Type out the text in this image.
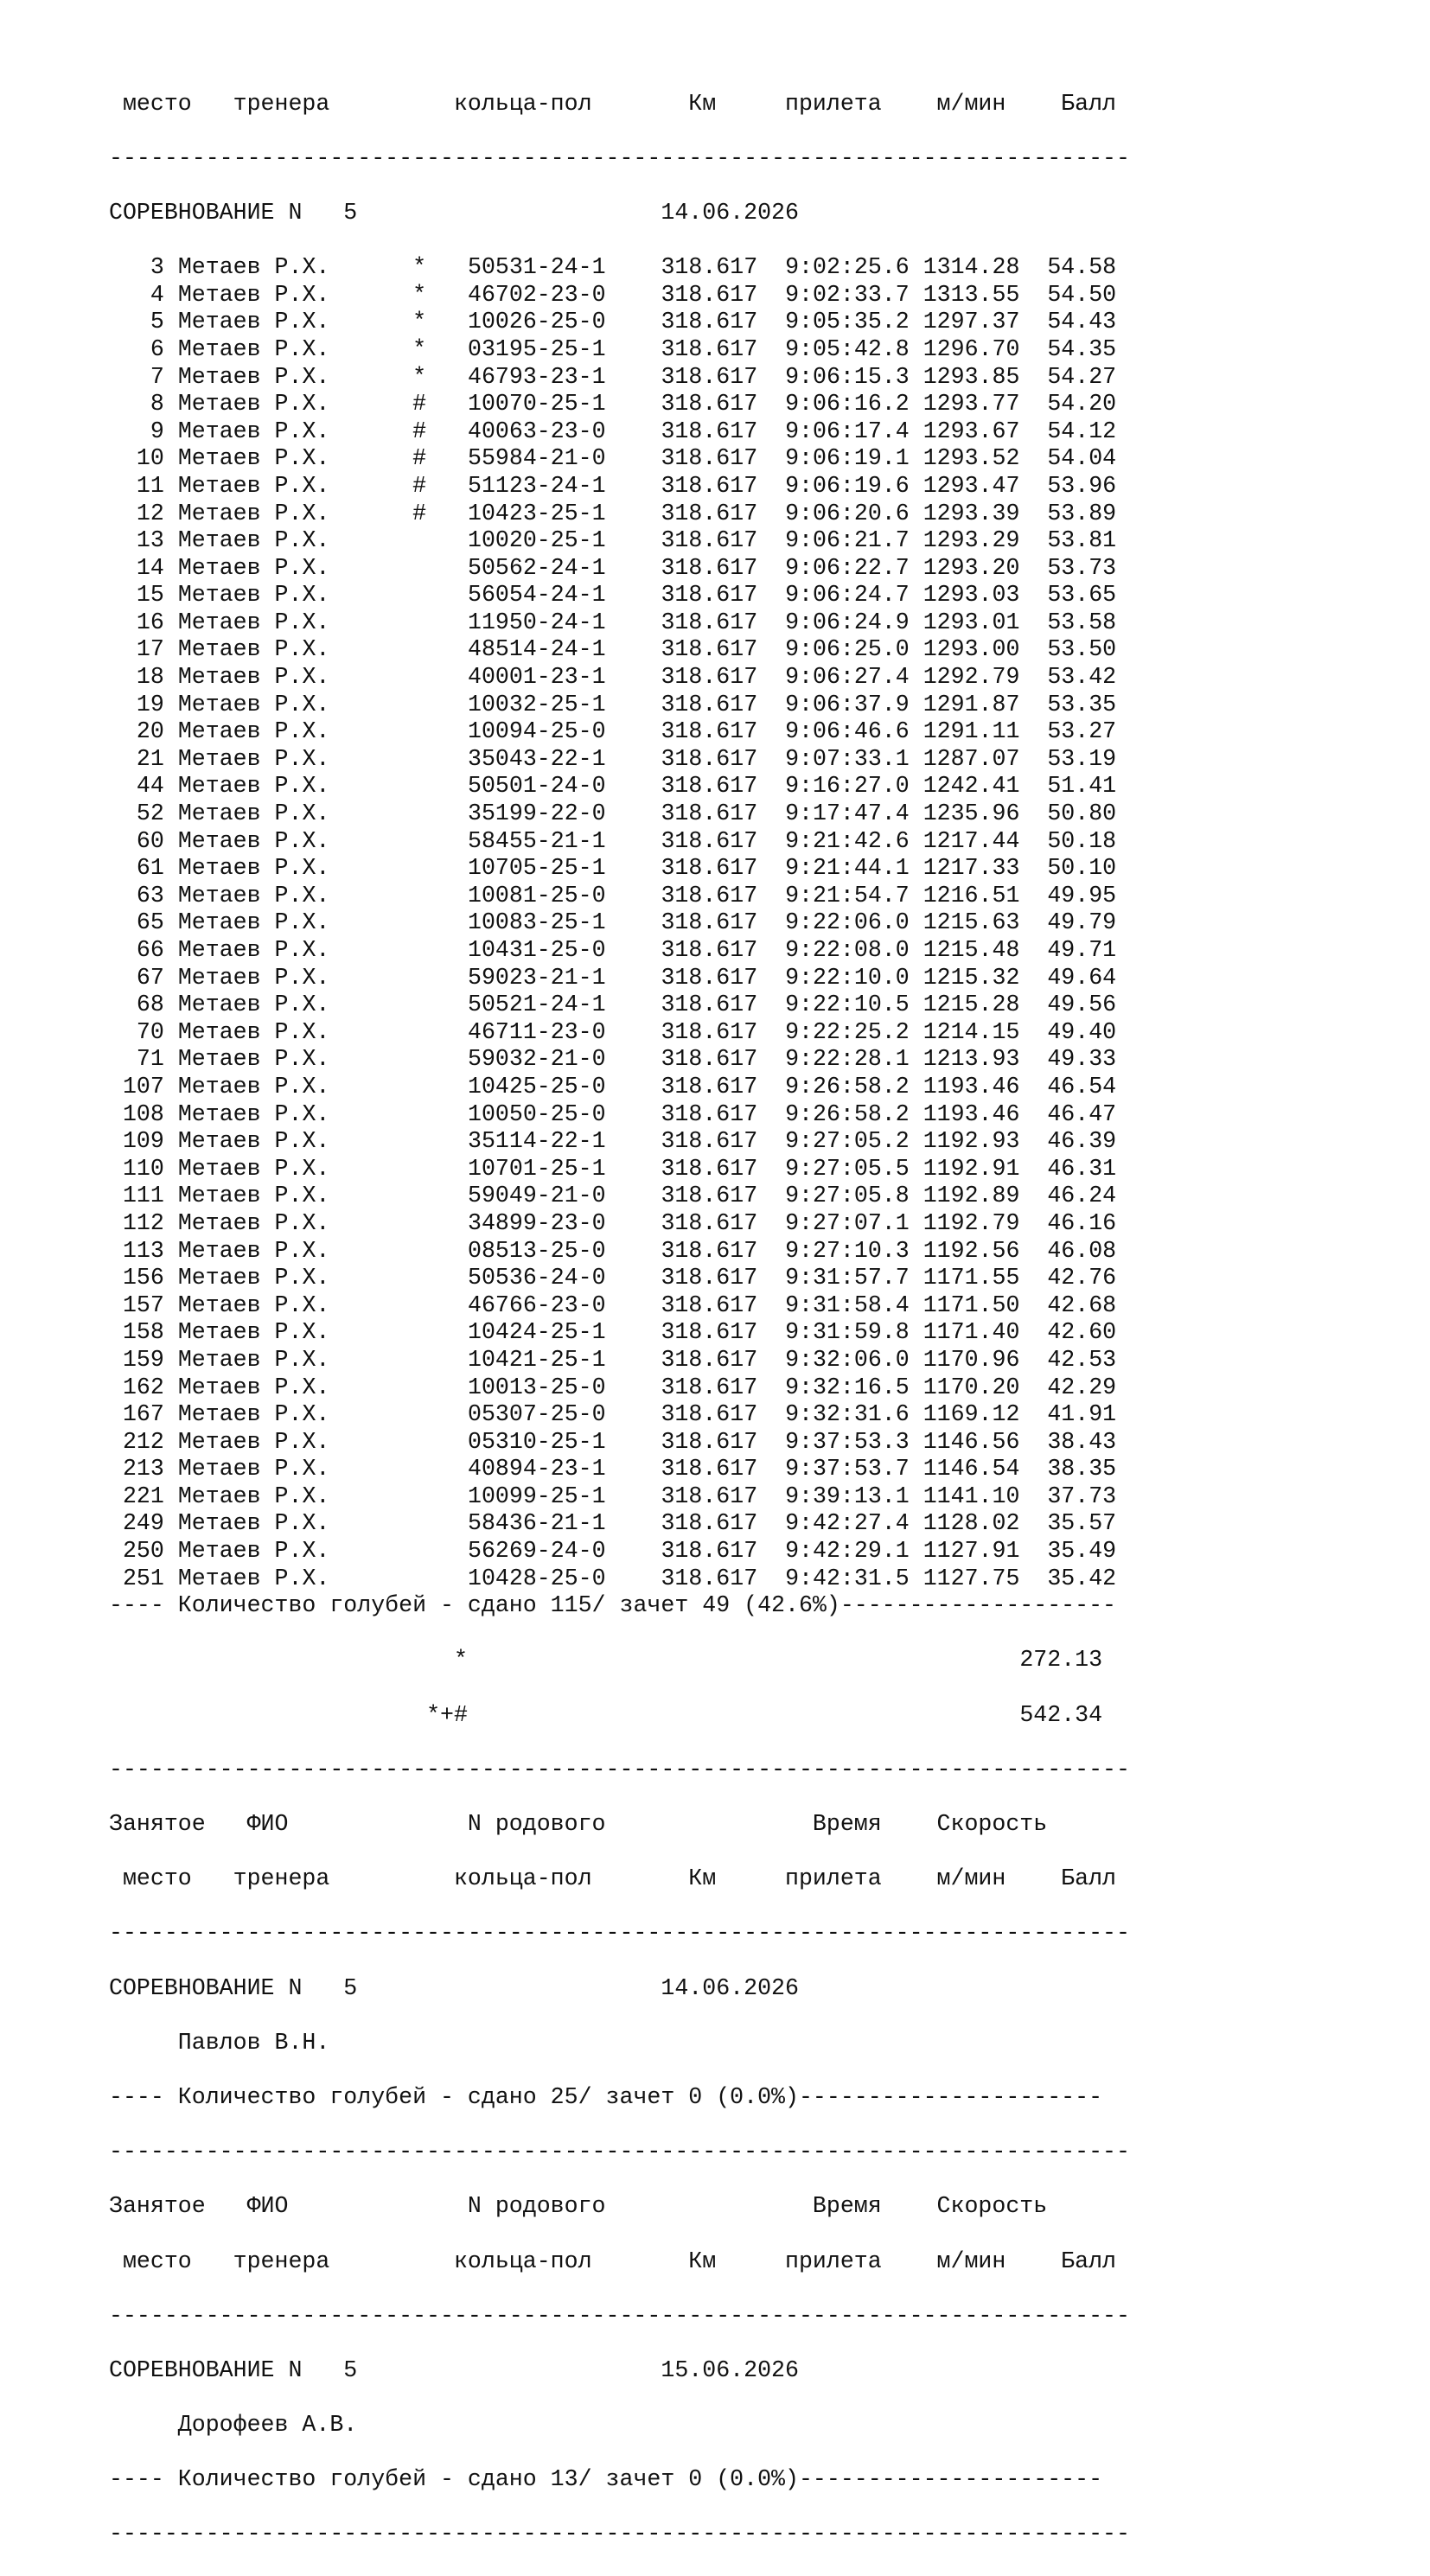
место   тренера         кольца-пол       Км     прилета    м/мин    Балл

--------------------------------------------------------------------------

СОРЕВНОВАНИЕ N   5	14.06.2026

3 Метаев Р.Х.	* 50531-24-1 318.617 9:02:25.6 1314.28 54.58
4 Метаев Р.Х.	* 46702-23-0 318.617 9:02:33.7 1313.55 54.50
5 Метаев Р.Х.	* 10026-25-0 318.617 9:05:35.2 1297.37 54.43
6 Метаев Р.Х.	* 03195-25-1 318.617 9:05:42.8 1296.70 54.35
7 Метаев Р.Х.	* 46793-23-1 318.617 9:06:15.3 1293.85 54.27
8 Метаев Р.Х.	# 10070-25-1 318.617 9:06:16.2 1293.77 54.20
9 Метаев Р.Х.	# 40063-23-0 318.617 9:06:17.4 1293.67 54.12
10 Метаев Р.Х.	# 55984-21-0 318.617 9:06:19.1 1293.52 54.04
11 Метаев Р.Х.	# 51123-24-1 318.617 9:06:19.6 1293.47 53.96
12 Метаев Р.Х.	# 10423-25-1 318.617 9:06:20.6 1293.39 53.89
13 Метаев Р.Х.	10020-25-1 318.617 9:06:21.7 1293.29 53.81
14 Метаев Р.Х.	50562-24-1 318.617 9:06:22.7 1293.20 53.73
15 Метаев Р.Х.	56054-24-1 318.617 9:06:24.7 1293.03 53.65
16 Метаев Р.Х.	11950-24-1 318.617 9:06:24.9 1293.01 53.58
17 Метаев Р.Х.	48514-24-1 318.617 9:06:25.0 1293.00 53.50
18 Метаев Р.Х.	40001-23-1 318.617 9:06:27.4 1292.79 53.42
19 Метаев Р.Х.	10032-25-1 318.617 9:06:37.9 1291.87 53.35
20 Метаев Р.Х.	10094-25-0 318.617 9:06:46.6 1291.11 53.27
21 Метаев Р.Х.	35043-22-1 318.617 9:07:33.1 1287.07 53.19
44 Метаев Р.Х.	50501-24-0 318.617 9:16:27.0 1242.41 51.41
52 Метаев Р.Х.	35199-22-0 318.617 9:17:47.4 1235.96 50.80
60 Метаев Р.Х.	58455-21-1 318.617 9:21:42.6 1217.44 50.18
61 Метаев Р.Х.	10705-25-1 318.617 9:21:44.1 1217.33 50.10
63 Метаев Р.Х.	10081-25-0 318.617 9:21:54.7 1216.51 49.95
65 Метаев Р.Х.	10083-25-1 318.617 9:22:06.0 1215.63 49.79
66 Метаев Р.Х.	10431-25-0 318.617 9:22:08.0 1215.48 49.71
67 Метаев Р.Х.	59023-21-1 318.617 9:22:10.0 1215.32 49.64
68 Метаев Р.Х.	50521-24-1 318.617 9:22:10.5 1215.28 49.56
70 Метаев Р.Х.	46711-23-0 318.617 9:22:25.2 1214.15 49.40
71 Метаев Р.Х.	59032-21-0 318.617 9:22:28.1 1213.93 49.33
107 Метаев Р.Х.	10425-25-0 318.617 9:26:58.2 1193.46 46.54
108 Метаев Р.Х.	10050-25-0 318.617 9:26:58.2 1193.46 46.47
109 Метаев Р.Х.	35114-22-1 318.617 9:27:05.2 1192.93 46.39
110 Метаев Р.Х.	10701-25-1 318.617 9:27:05.5 1192.91 46.31
111 Метаев Р.Х.	59049-21-0 318.617 9:27:05.8 1192.89 46.24
112 Метаев Р.Х.	34899-23-0 318.617 9:27:07.1 1192.79 46.16
113 Метаев Р.Х.	08513-25-0 318.617 9:27:10.3 1192.56 46.08
156 Метаев Р.Х.	50536-24-0 318.617 9:31:57.7 1171.55 42.76
157 Метаев Р.Х.	46766-23-0 318.617 9:31:58.4 1171.50 42.68
158 Метаев Р.Х.	10424-25-1 318.617 9:31:59.8 1171.40 42.60
159 Метаев Р.Х.	10421-25-1 318.617 9:32:06.0 1170.96 42.53
162 Метаев Р.Х.	10013-25-0 318.617 9:32:16.5 1170.20 42.29
167 Метаев Р.Х.	05307-25-0 318.617 9:32:31.6 1169.12 41.91
212 Метаев Р.Х.	05310-25-1 318.617 9:37:53.3 1146.56 38.43
213 Метаев Р.Х.	40894-23-1 318.617 9:37:53.7 1146.54 38.35
221 Метаев Р.Х.	10099-25-1 318.617 9:39:13.1 1141.10 37.73
249 Метаев Р.Х.	58436-21-1 318.617 9:42:27.4 1128.02 35.57
250 Метаев Р.Х.	56269-24-0 318.617 9:42:29.1 1127.91 35.49
251 Метаев Р.Х.	10428-25-0 318.617 9:42:31.5 1127.75 35.42
---- Количество голубей - сдано 115/ зачет 49 (42.6%)--------------------

*	272.13

*+#	542.34

--------------------------------------------------------------------------

Занятое   ФИО             N родового               Время    Скорость

место   тренера         кольца-пол       Км     прилета    м/мин    Балл

--------------------------------------------------------------------------

СОРЕВНОВАНИЕ N   5	14.06.2026

Павлов В.Н.

---- Количество голубей - сдано 25/ зачет 0 (0.0%)----------------------

--------------------------------------------------------------------------

Занятое   ФИО             N родового               Время    Скорость

место   тренера         кольца-пол       Км     прилета    м/мин    Балл

--------------------------------------------------------------------------

СОРЕВНОВАНИЕ N   5	15.06.2026

Дорофеев А.В.

---- Количество голубей - сдано 13/ зачет 0 (0.0%)----------------------

--------------------------------------------------------------------------
